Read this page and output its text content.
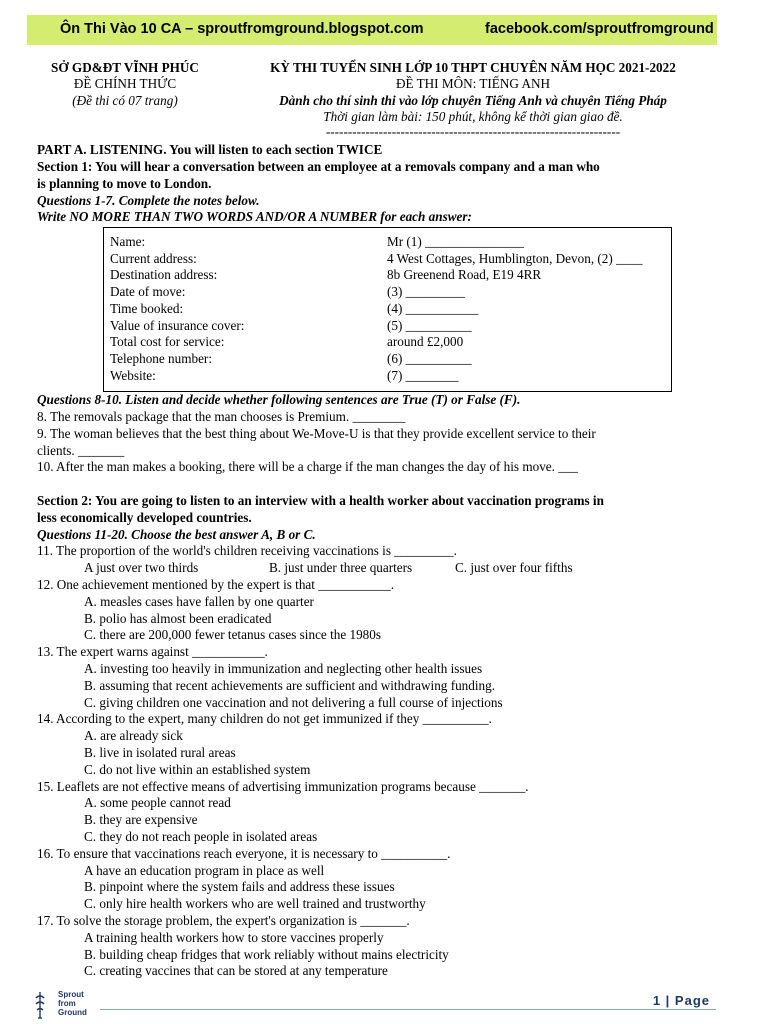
Ôn Thi Vào 10 CA – sproutfromground.blogspot.com	facebook.com/sproutfromground
SỞ GD&ĐT VĨNH PHÚC
ĐỀ CHÍNH THỨC
(Đề thi có 07 trang)
KỲ THI TUYỂN SINH LỚP 10 THPT CHUYÊN NĂM HỌC 2021-2022
ĐỀ THI MÔN: TIẾNG ANH
Dành cho thí sinh thi vào lớp chuyên Tiếng Anh và chuyên Tiếng Pháp
Thời gian làm bài: 150 phút, không kể thời gian giao đề.
-------------------------------------------------------------------
PART A. LISTENING. You will listen to each section TWICE
Section 1: You will hear a conversation between an employee at a removals company and a man who
is planning to move to London.
Questions 1-7. Complete the notes below.
Write NO MORE THAN TWO WORDS AND/OR A NUMBER for each answer:
Name:	Mr (1) _______________
Current address:	4 West Cottages, Humblington, Devon, (2) ____
Destination address:	8b Greenend Road, E19 4RR
Date of move:	(3) _________
Time booked:	(4) ___________
Value of insurance cover:	(5) __________
Total cost for service:	around £2,000
Telephone number:	(6) __________
Website:	(7) ________
Questions 8-10. Listen and decide whether following sentences are True (T) or False (F).
8. The removals package that the man chooses is Premium. ________
9. The woman believes that the best thing about We-Move-U is that they provide excellent service to their
clients. _______
10. After the man makes a booking, there will be a charge if the man changes the day of his move. ___
Section 2: You are going to listen to an interview with a health worker about vaccination programs in
less economically developed countries.
Questions 11-20. Choose the best answer A, B or C.
11. The proportion of the world's children receiving vaccinations is _________.
A just over two thirds	B. just under three quarters	C. just over four fifths
12. One achievement mentioned by the expert is that ___________.
A. measles cases have fallen by one quarter
B. polio has almost been eradicated
C. there are 200,000 fewer tetanus cases since the 1980s
13. The expert warns against ___________.
A. investing too heavily in immunization and neglecting other health issues
B. assuming that recent achievements are sufficient and withdrawing funding.
C. giving children one vaccination and not delivering a full course of injections
14. According to the expert, many children do not get immunized if they __________.
A. are already sick
B. live in isolated rural areas
C. do not live within an established system
15. Leaflets are not effective means of advertising immunization programs because _______.
A. some people cannot read
B. they are expensive
C. they do not reach people in isolated areas
16. To ensure that vaccinations reach everyone, it is necessary to __________.
A have an education program in place as well
B. pinpoint where the system fails and address these issues
C. only hire health workers who are well trained and trustworthy
17. To solve the storage problem, the expert's organization is _______.
A training health workers how to store vaccines properly
B. building cheap fridges that work reliably without mains electricity
C. creating vaccines that can be stored at any temperature
Sprout
from
Ground
1 | Page
